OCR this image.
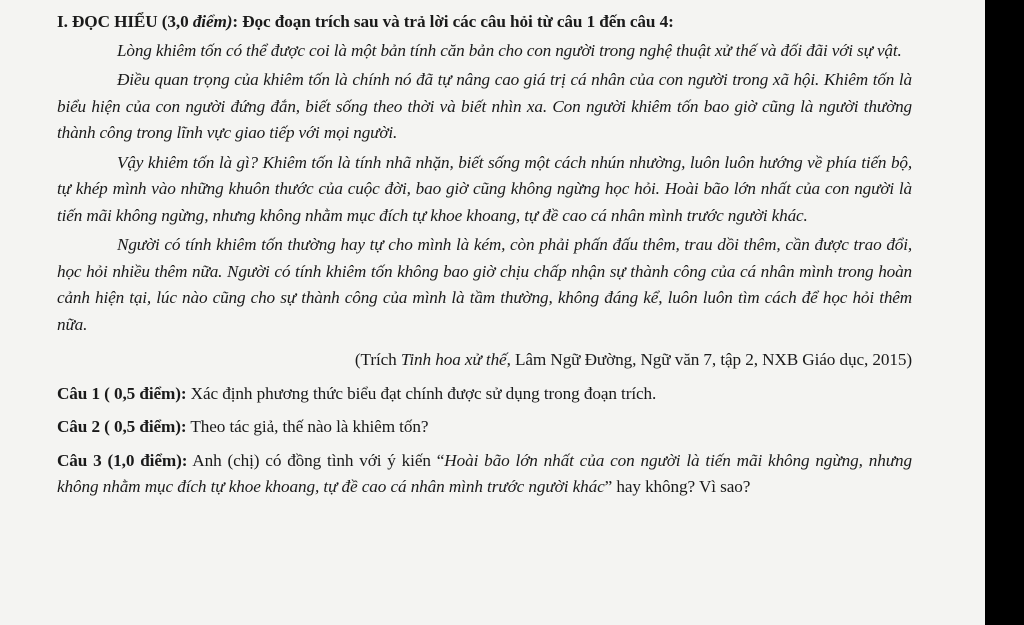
I. ĐỌC HIỂU (3,0 điểm): Đọc đoạn trích sau và trả lời các câu hỏi từ câu 1 đến câu 4:

Lòng khiêm tốn có thể được coi là một bản tính căn bản cho con người trong nghệ thuật xử thế và đối đãi với sự vật.

Điều quan trọng của khiêm tốn là chính nó đã tự nâng cao giá trị cá nhân của con người trong xã hội. Khiêm tốn là biểu hiện của con người đứng đắn, biết sống theo thời và biết nhìn xa. Con người khiêm tốn bao giờ cũng là người thường thành công trong lĩnh vực giao tiếp với mọi người.

Vậy khiêm tốn là gì? Khiêm tốn là tính nhã nhặn, biết sống một cách nhún nhường, luôn luôn hướng về phía tiến bộ, tự khép mình vào những khuôn thước của cuộc đời, bao giờ cũng không ngừng học hỏi. Hoài bão lớn nhất của con người là tiến mãi không ngừng, nhưng không nhằm mục đích tự khoe khoang, tự đề cao cá nhân mình trước người khác.

Người có tính khiêm tốn thường hay tự cho mình là kém, còn phải phấn đấu thêm, trau dồi thêm, cần được trao đổi, học hỏi nhiều thêm nữa. Người có tính khiêm tốn không bao giờ chịu chấp nhận sự thành công của cá nhân mình trong hoàn cảnh hiện tại, lúc nào cũng cho sự thành công của mình là tầm thường, không đáng kể, luôn luôn tìm cách để học hỏi thêm nữa.

(Trích Tinh hoa xử thế, Lâm Ngữ Đường, Ngữ văn 7, tập 2, NXB Giáo dục, 2015)

Câu 1 ( 0,5 điểm): Xác định phương thức biểu đạt chính được sử dụng trong đoạn trích.

Câu 2 ( 0,5 điểm): Theo tác giả, thế nào là khiêm tốn?

Câu 3 (1,0 điểm): Anh (chị) có đồng tình với ý kiến “Hoài bão lớn nhất của con người là tiến mãi không ngừng, nhưng không nhằm mục đích tự khoe khoang, tự đề cao cá nhân mình trước người khác” hay không? Vì sao?
